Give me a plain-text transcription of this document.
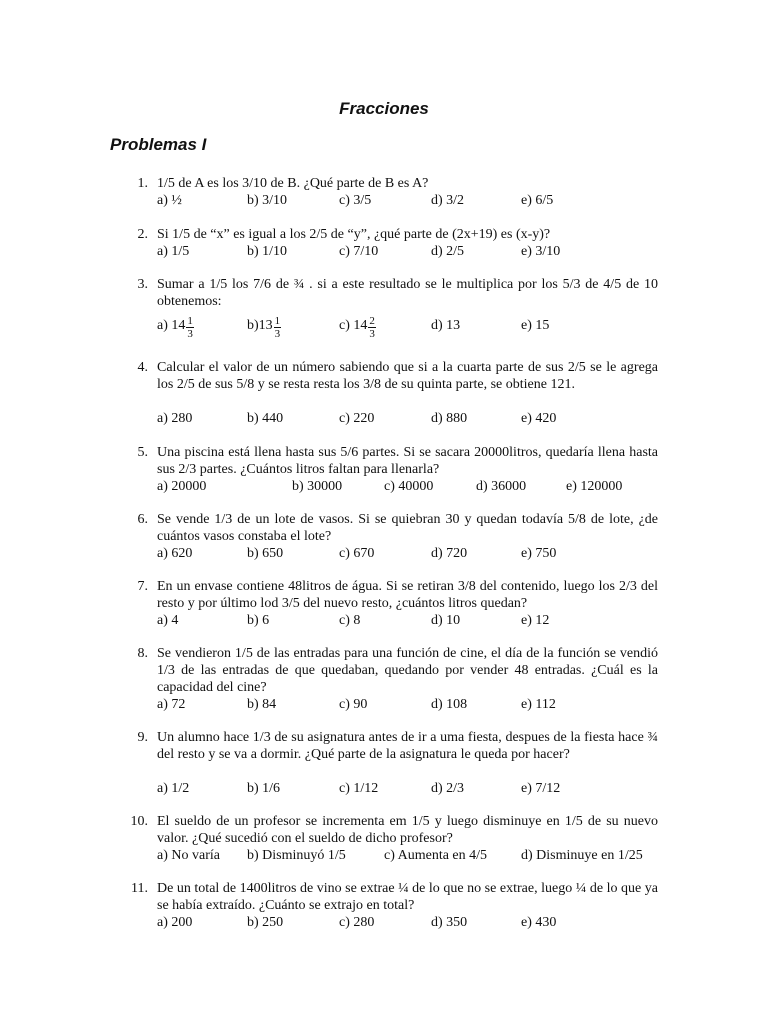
Fracciones
Problemas I
1. 1/5 de A es los 3/10 de B. ¿Qué parte de B es A?
a) ½	b) 3/10	c) 3/5	d) 3/2	e) 6/5
2. Si 1/5 de “x” es igual a los 2/5 de “y”, ¿qué parte de (2x+19) es (x-y)?
a) 1/5	b) 1/10	c) 7/10	d) 2/5	e) 3/10
3. Sumar a 1/5 los 7/6 de ¾ . si a este resultado se le multiplica por los 5/3 de 4/5 de 10 obtenemos:
a) $14 \frac{1}{3}$	$b)13 \frac{1}{3}$	c) $14 \frac{2}{3}$	d) 13	e) 15
4. Calcular el valor de un número sabiendo que si a la cuarta parte de sus 2/5 se le agrega los 2/5 de sus 5/8 y se resta resta los 3/8 de su quinta parte, se obtiene 121.
a) 280	b) 440	c) 220	d) 880	e) 420
5. Una piscina está llena hasta sus 5/6 partes. Si se sacara 20000litros, quedaría llena hasta sus 2/3 partes. ¿Cuántos litros faltan para llenarla?
a) 20000	b) 30000	c) 40000	d) 36000	e) 120000
6. Se vende 1/3 de un lote de vasos. Si se quiebran 30 y quedan todavía 5/8 de lote, ¿de cuántos vasos constaba el lote?
a) 620	b) 650	c) 670	d) 720	e) 750
7. En un envase contiene 48litros de água. Si se retiran 3/8 del contenido, luego los 2/3 del resto y por último lod 3/5 del nuevo resto, ¿cuántos litros quedan?
a) 4	b) 6	c) 8	d) 10	e) 12
8. Se vendieron 1/5 de las entradas para una función de cine, el día de la función se vendió 1/3 de las entradas de que quedaban, quedando por vender 48 entradas. ¿Cuál es la capacidad del cine?
a) 72	b) 84	c) 90	d) 108	e) 112
9. Un alumno hace 1/3 de su asignatura antes de ir a uma fiesta, despues de la fiesta hace ¾ del resto y se va a dormir. ¿Qué parte de la asignatura le queda por hacer?
a) 1/2	b) 1/6	c) 1/12	d) 2/3	e) 7/12
10. El sueldo de un profesor se incrementa em 1/5 y luego disminuye en 1/5 de su nuevo valor. ¿Qué sucedió con el sueldo de dicho profesor?
a) No varía b) Disminuyó 1/5	c) Aumenta en 4/5 d) Disminuye en 1/25
11. De un total de 1400litros de vino se extrae ¼ de lo que no se extrae, luego ¼ de lo que ya se había extraído. ¿Cuánto se extrajo en total?
a) 200	b) 250	c) 280	d) 350	e) 430
